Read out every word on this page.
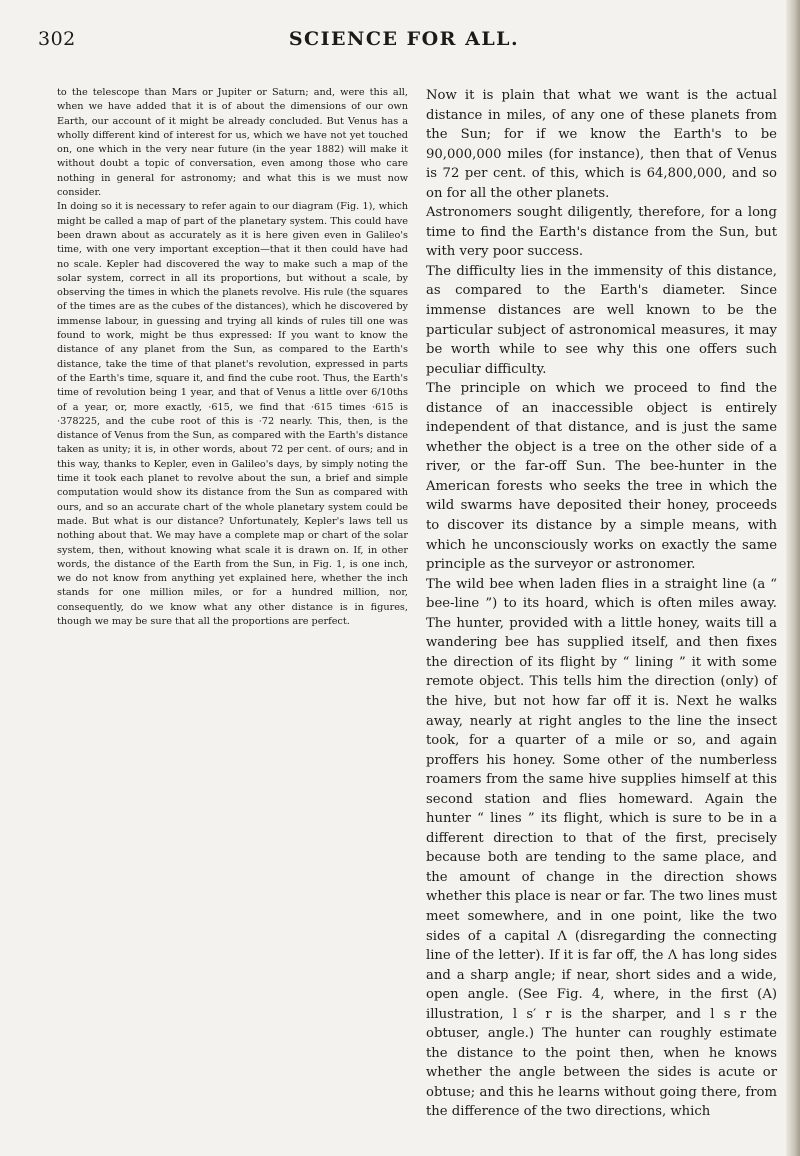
302	SCIENCE FOR ALL.

to the telescope than Mars or Jupiter or Saturn; and, were this all, when we have added that it is of about the dimensions of our own Earth, our account of it might be already concluded. But Venus has a wholly different kind of interest for us, which we have not yet touched on, one which in the very near future (in the year 1882) will make it without doubt a topic of conversation, even among those who care nothing in general for astronomy; and what this is we must now consider.

In doing so it is necessary to refer again to our diagram (Fig. 1), which might be called a map of part of the planetary system. This could have been drawn about as accurately as it is here given even in Galileo's time, with one very important exception—that it then could have had no scale. Kepler had discovered the way to make such a map of the solar system, correct in all its proportions, but without a scale, by observing the times in which the planets revolve. His rule (the squares of the times are as the cubes of the distances), which he discovered by immense labour, in guessing and trying all kinds of rules till one was found to work, might be thus expressed: If you want to know the distance of any planet from the Sun, as compared to the Earth's distance, take the time of that planet's revolution, expressed in parts of the Earth's time, square it, and find the cube root. Thus, the Earth's time of revolution being 1 year, and that of Venus a little over 6/10ths of a year, or, more exactly, ·615, we find that ·615 times ·615 is ·378225, and the cube root of this is ·72 nearly. This, then, is the distance of Venus from the Sun, as compared with the Earth's distance taken as unity; it is, in other words, about 72 per cent. of ours; and in this way, thanks to Kepler, even in Galileo's days, by simply noting the time it took each planet to revolve about the sun, a brief and simple computation would show its distance from the Sun as compared with ours, and so an accurate chart of the whole planetary system could be made. But what is our distance? Unfortunately, Kepler's laws tell us nothing about that. We may have a complete map or chart of the solar system, then, without knowing what scale it is drawn on. If, in other words, the distance of the Earth from the Sun, in Fig. 1, is one inch, we do not know from anything yet explained here, whether the inch stands for one million miles, or for a hundred million, nor, consequently, do we know what any other distance is in figures, though we may be sure that all the proportions are perfect.

Now it is plain that what we want is the actual distance in miles, of any one of these planets from the Sun; for if we know the Earth's to be 90,000,000 miles (for instance), then that of Venus is 72 per cent. of this, which is 64,800,000, and so on for all the other planets.

Astronomers sought diligently, therefore, for a long time to find the Earth's distance from the Sun, but with very poor success.

The difficulty lies in the immensity of this distance, as compared to the Earth's diameter. Since immense distances are well known to be the particular subject of astronomical measures, it may be worth while to see why this one offers such peculiar difficulty.

The principle on which we proceed to find the distance of an inaccessible object is entirely independent of that distance, and is just the same whether the object is a tree on the other side of a river, or the far-off Sun. The bee-hunter in the American forests who seeks the tree in which the wild swarms have deposited their honey, proceeds to discover its distance by a simple means, with which he unconsciously works on exactly the same principle as the surveyor or astronomer.

The wild bee when laden flies in a straight line (a “ bee-line ”) to its hoard, which is often miles away. The hunter, provided with a little honey, waits till a wandering bee has supplied itself, and then fixes the direction of its flight by “ lining ” it with some remote object. This tells him the direction (only) of the hive, but not how far off it is. Next he walks away, nearly at right angles to the line the insect took, for a quarter of a mile or so, and again proffers his honey. Some other of the numberless roamers from the same hive supplies himself at this second station and flies homeward. Again the hunter “ lines ” its flight, which is sure to be in a different direction to that of the first, precisely because both are tending to the same place, and the amount of change in the direction shows whether this place is near or far. The two lines must meet somewhere, and in one point, like the two sides of a capital Λ (disregarding the connecting line of the letter). If it is far off, the Λ has long sides and a sharp angle; if near, short sides and a wide, open angle. (See Fig. 4, where, in the first (A) illustration, l s′ r is the sharper, and l s r the obtuser, angle.) The hunter can roughly estimate the distance to the point then, when he knows whether the angle between the sides is acute or obtuse; and this he learns without going there, from the difference of the two directions, which
